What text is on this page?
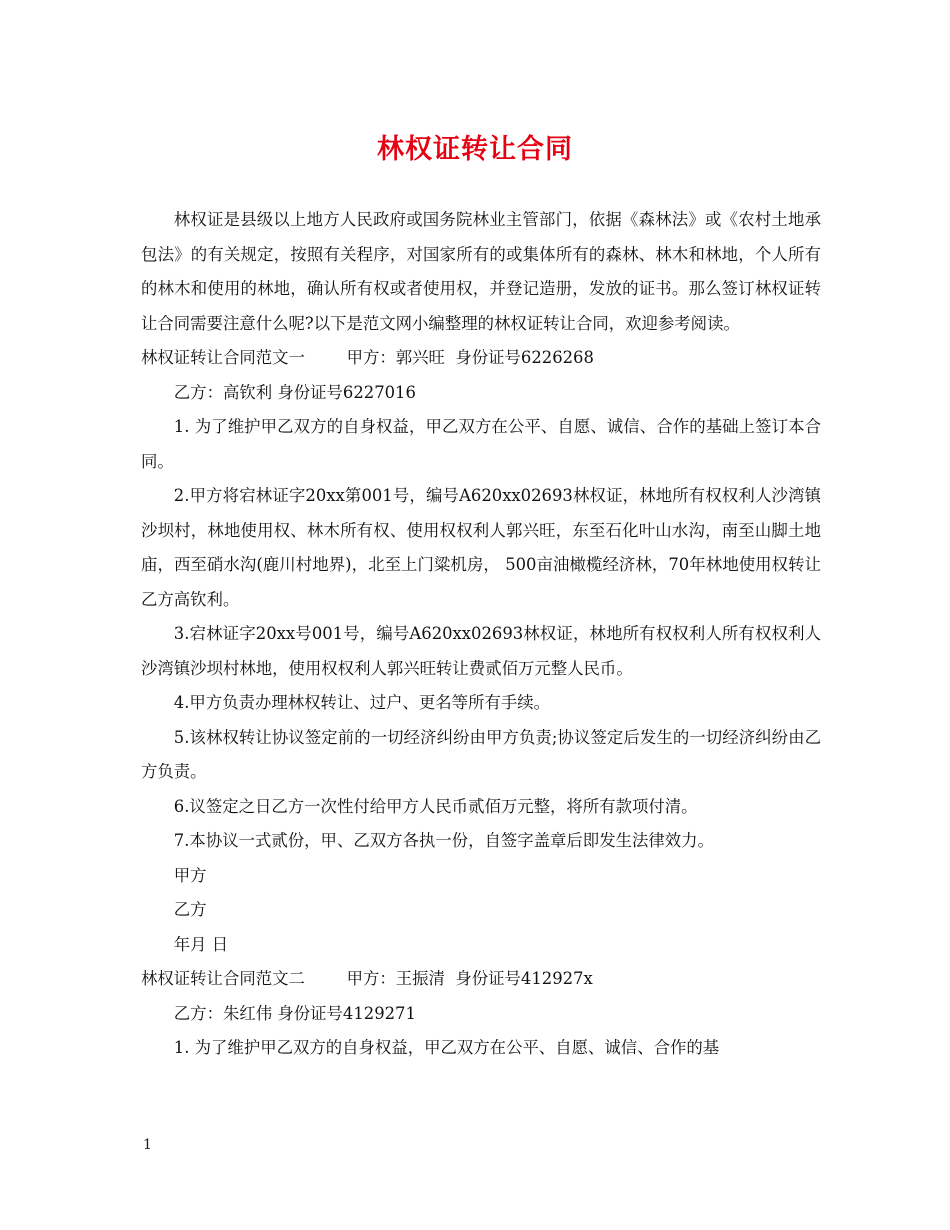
林权证转让合同

林权证是县级以上地方人民政府或国务院林业主管部门，依据《森林法》或《农村土地承包法》的有关规定，按照有关程序，对国家所有的或集体所有的森林、林木和林地，个人所有的林木和使用的林地，确认所有权或者使用权，并登记造册，发放的证书。那么签订林权证转让合同需要注意什么呢?以下是范文网小编整理的林权证转让合同，欢迎参考阅读。

林权证转让合同范文一	甲方：郭兴旺  身份证号6226268

乙方：高钦利 身份证号6227016

1. 为了维护甲乙双方的自身权益，甲乙双方在公平、自愿、诚信、合作的基础上签订本合同。

2.甲方将宕林证字20xx第001号，编号A620xx02693林权证，林地所有权权利人沙湾镇沙坝村，林地使用权、林木所有权、使用权权利人郭兴旺，东至石化叶山水沟，南至山脚土地庙，西至硝水沟(鹿川村地界)，北至上门粱机房， 500亩油橄榄经济林，70年林地使用权转让乙方高钦利。

3.宕林证字20xx号001号，编号A620xx02693林权证，林地所有权权利人所有权权利人沙湾镇沙坝村林地，使用权权利人郭兴旺转让费贰佰万元整人民币。

4.甲方负责办理林权转让、过户、更名等所有手续。

5.该林权转让协议签定前的一切经济纠纷由甲方负责;协议签定后发生的一切经济纠纷由乙方负责。

6.议签定之日乙方一次性付给甲方人民币贰佰万元整，将所有款项付清。

7.本协议一式贰份，甲、乙双方各执一份，自签字盖章后即发生法律效力。

甲方

乙方

年月 日

林权证转让合同范文二	甲方：王振清  身份证号412927x

乙方：朱红伟 身份证号4129271

1. 为了维护甲乙双方的自身权益，甲乙双方在公平、自愿、诚信、合作的基

1
